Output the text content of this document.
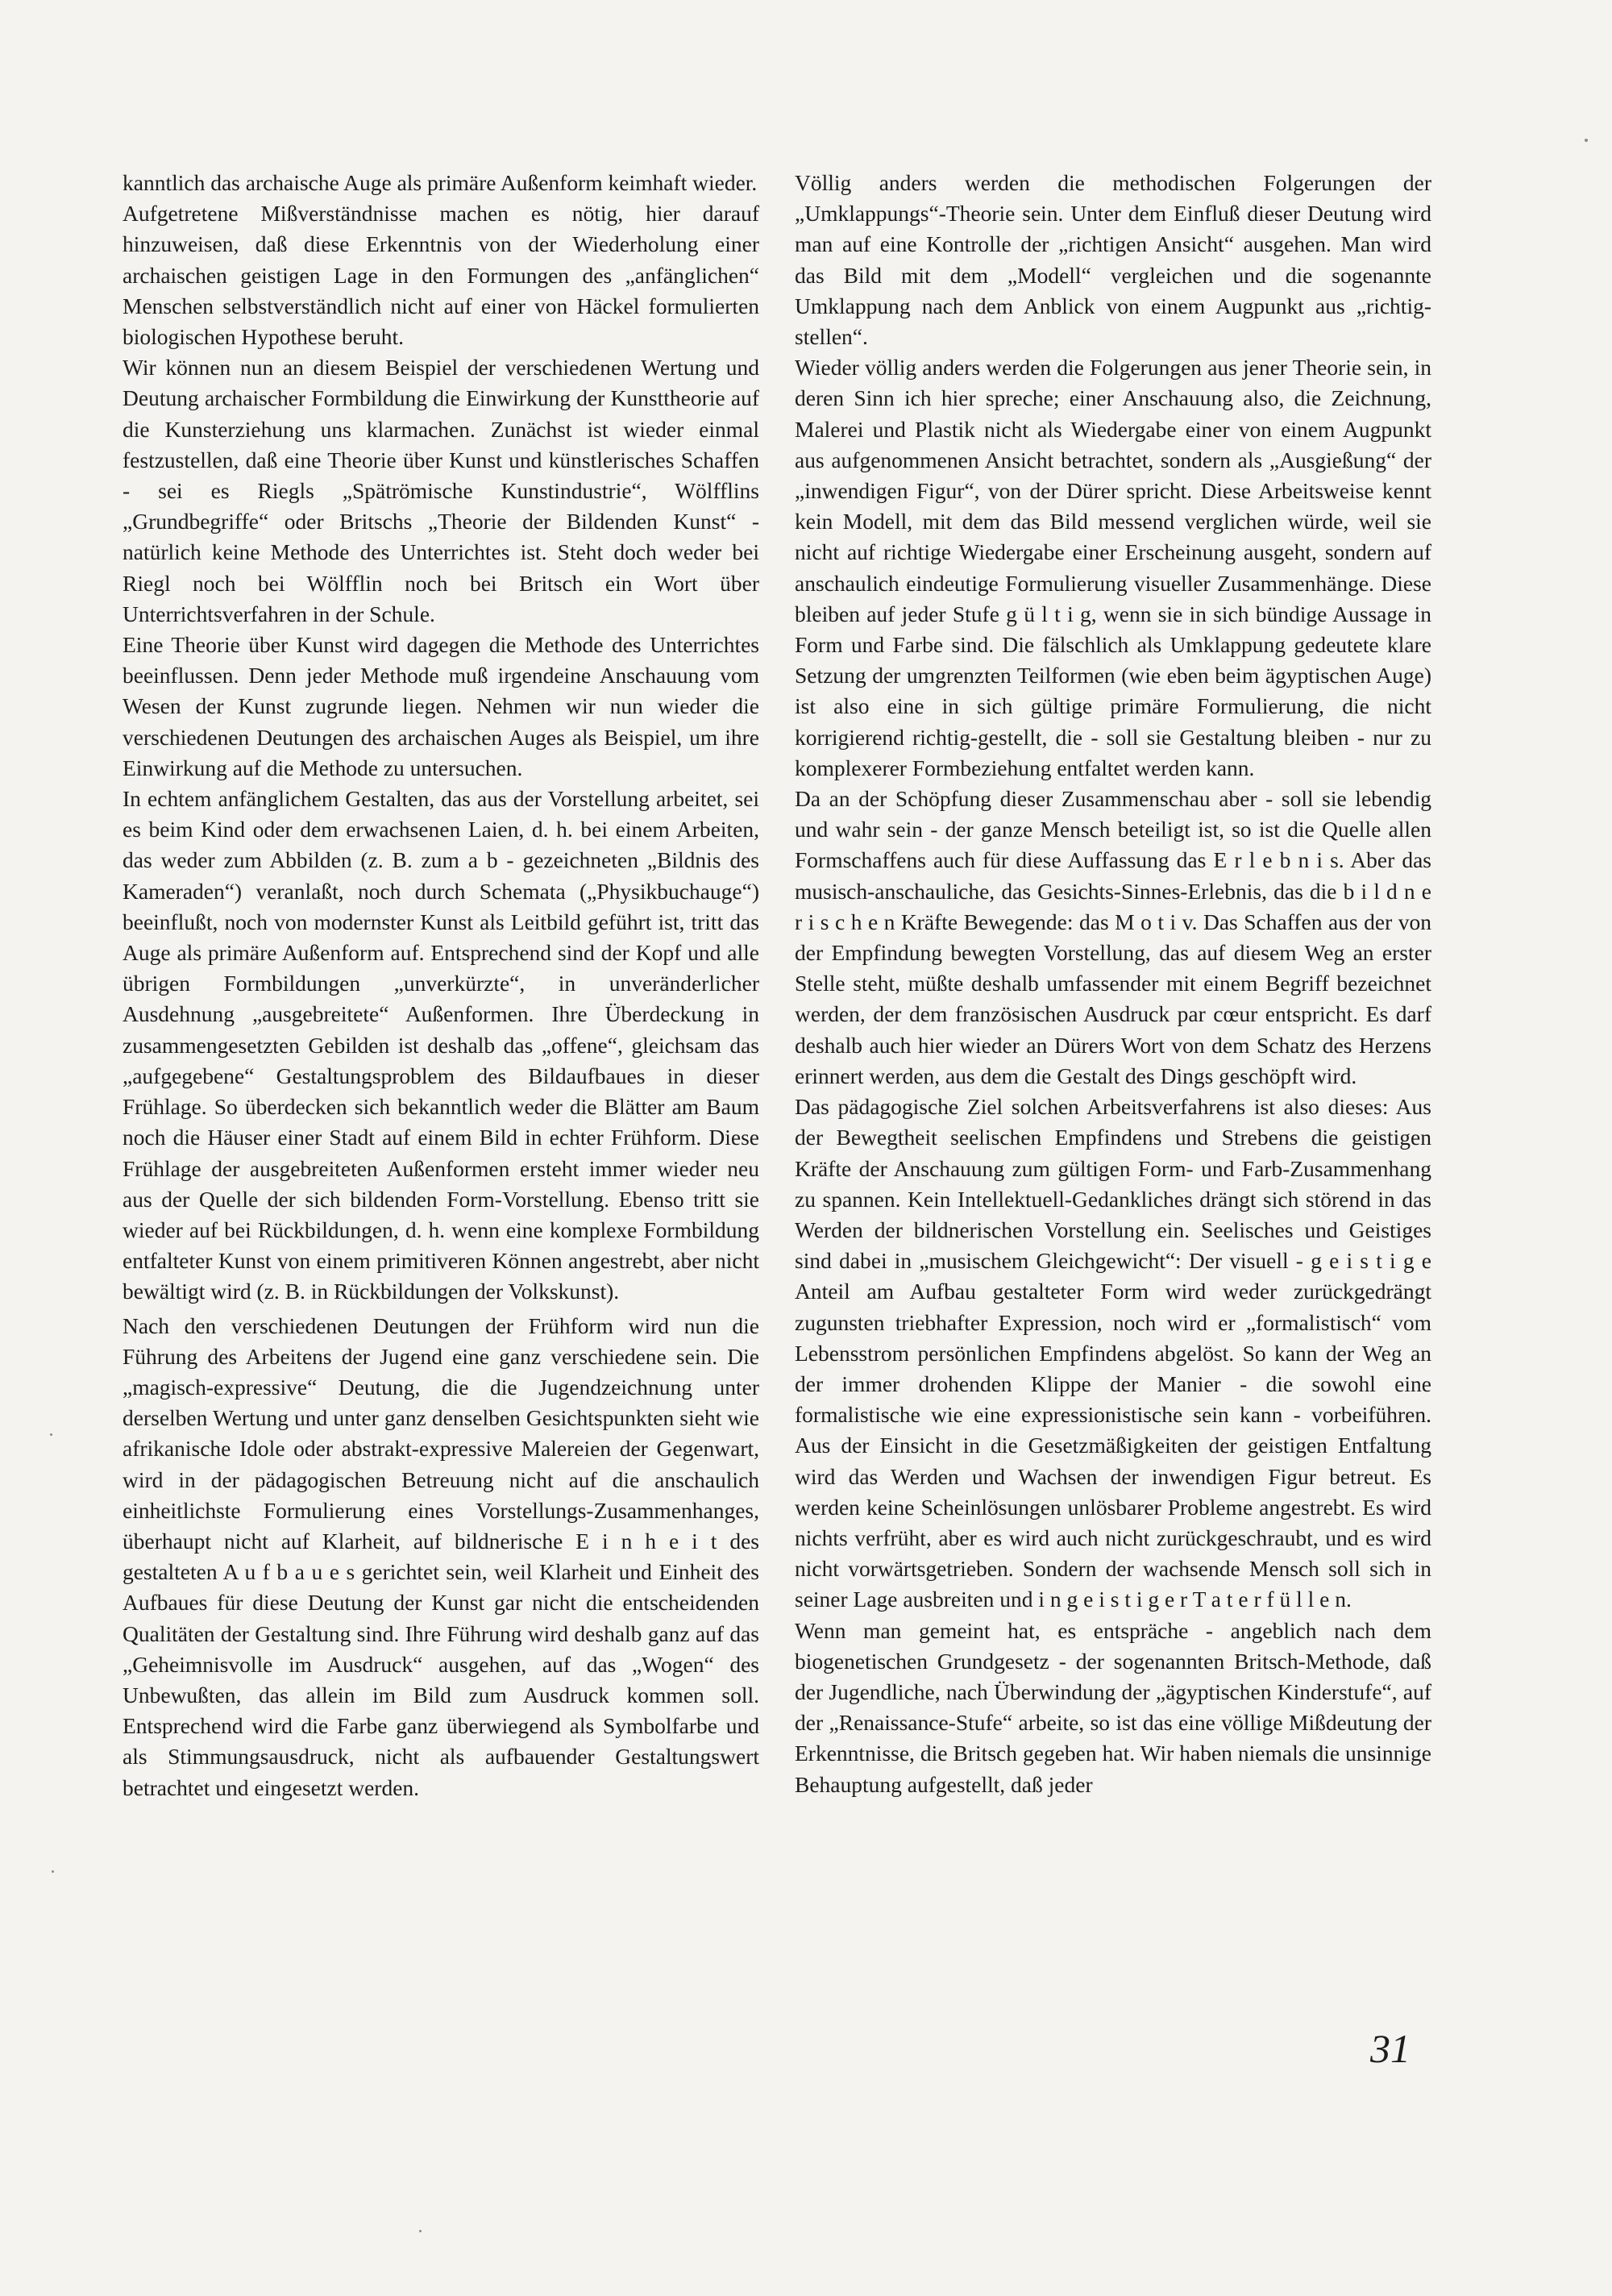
kanntlich das archaische Auge als primäre Außenform keimhaft wieder.

Aufgetretene Mißverständnisse machen es nötig, hier darauf hinzuweisen, daß diese Erkenntnis von der Wiederholung einer archaischen geistigen Lage in den Formungen des „anfänglichen“ Menschen selbstverständlich nicht auf einer von Häckel formulierten biologischen Hypothese beruht.

Wir können nun an diesem Beispiel der verschiedenen Wertung und Deutung archaischer Formbildung die Einwirkung der Kunsttheorie auf die Kunsterziehung uns klarmachen. Zunächst ist wieder einmal festzustellen, daß eine Theorie über Kunst und künstlerisches Schaffen - sei es Riegls „Spätrömische Kunstindustrie“, Wölfflins „Grundbegriffe“ oder Britschs „Theorie der Bildenden Kunst“ - natürlich keine Methode des Unterrichtes ist. Steht doch weder bei Riegl noch bei Wölfflin noch bei Britsch ein Wort über Unterrichtsverfahren in der Schule.

Eine Theorie über Kunst wird dagegen die Methode des Unterrichtes beeinflussen. Denn jeder Methode muß irgendeine Anschauung vom Wesen der Kunst zugrunde liegen. Nehmen wir nun wieder die verschiedenen Deutungen des archaischen Auges als Beispiel, um ihre Einwirkung auf die Methode zu untersuchen.

In echtem anfänglichem Gestalten, das aus der Vorstellung arbeitet, sei es beim Kind oder dem erwachsenen Laien, d. h. bei einem Arbeiten, das weder zum Abbilden (z. B. zum a b - gezeichneten „Bildnis des Kameraden“) veranlaßt, noch durch Schemata („Physikbuchauge“) beeinflußt, noch von modernster Kunst als Leitbild geführt ist, tritt das Auge als primäre Außenform auf. Entsprechend sind der Kopf und alle übrigen Formbildungen „unverkürzte“, in unveränderlicher Ausdehnung „ausgebreitete“ Außenformen. Ihre Überdeckung in zusammengesetzten Gebilden ist deshalb das „offene“, gleichsam das „aufgegebene“ Gestaltungsproblem des Bildaufbaues in dieser Frühlage. So überdecken sich bekanntlich weder die Blätter am Baum noch die Häuser einer Stadt auf einem Bild in echter Frühform. Diese Frühlage der ausgebreiteten Außenformen ersteht immer wieder neu aus der Quelle der sich bildenden Form-Vorstellung. Ebenso tritt sie wieder auf bei Rückbildungen, d. h. wenn eine komplexe Formbildung entfalteter Kunst von einem primitiveren Können angestrebt, aber nicht bewältigt wird (z. B. in Rückbildungen der Volkskunst).

Nach den verschiedenen Deutungen der Frühform wird nun die Führung des Arbeitens der Jugend eine ganz verschiedene sein. Die „magisch-expressive“ Deutung, die die Jugendzeichnung unter derselben Wertung und unter ganz denselben Gesichtspunkten sieht wie afrikanische Idole oder abstrakt-expressive Malereien der Gegenwart, wird in der pädagogischen Betreuung nicht auf die anschaulich einheitlichste Formulierung eines Vorstellungs-Zusammenhanges, überhaupt nicht auf Klarheit, auf bildnerische E i n h e i t des gestalteten A u f b a u e s gerichtet sein, weil Klarheit und Einheit des Aufbaues für diese Deutung der Kunst gar nicht die entscheidenden Qualitäten der Gestaltung sind. Ihre Führung wird deshalb ganz auf das „Geheimnisvolle im Ausdruck“ ausgehen, auf das „Wogen“ des Unbewußten, das allein im Bild zum Ausdruck kommen soll. Entsprechend wird die Farbe ganz überwiegend als Symbolfarbe und als Stimmungsausdruck, nicht als aufbauender Gestaltungswert betrachtet und eingesetzt werden.

Völlig anders werden die methodischen Folgerungen der „Umklappungs“-Theorie sein. Unter dem Einfluß dieser Deutung wird man auf eine Kontrolle der „richtigen Ansicht“ ausgehen. Man wird das Bild mit dem „Modell“ vergleichen und die sogenannte Umklappung nach dem Anblick von einem Augpunkt aus „richtig-stellen“.

Wieder völlig anders werden die Folgerungen aus jener Theorie sein, in deren Sinn ich hier spreche; einer Anschauung also, die Zeichnung, Malerei und Plastik nicht als Wiedergabe einer von einem Augpunkt aus aufgenommenen Ansicht betrachtet, sondern als „Ausgießung“ der „inwendigen Figur“, von der Dürer spricht. Diese Arbeitsweise kennt kein Modell, mit dem das Bild messend verglichen würde, weil sie nicht auf richtige Wiedergabe einer Erscheinung ausgeht, sondern auf anschaulich eindeutige Formulierung visueller Zusammenhänge. Diese bleiben auf jeder Stufe g ü l t i g, wenn sie in sich bündige Aussage in Form und Farbe sind. Die fälschlich als Umklappung gedeutete klare Setzung der umgrenzten Teilformen (wie eben beim ägyptischen Auge) ist also eine in sich gültige primäre Formulierung, die nicht korrigierend richtig-gestellt, die - soll sie Gestaltung bleiben - nur zu komplexerer Formbeziehung entfaltet werden kann.

Da an der Schöpfung dieser Zusammenschau aber - soll sie lebendig und wahr sein - der ganze Mensch beteiligt ist, so ist die Quelle allen Formschaffens auch für diese Auffassung das E r l e b n i s. Aber das musisch-anschauliche, das Gesichts-Sinnes-Erlebnis, das die b i l d n e r i s c h e n Kräfte Bewegende: das M o t i v. Das Schaffen aus der von der Empfindung bewegten Vorstellung, das auf diesem Weg an erster Stelle steht, müßte deshalb umfassender mit einem Begriff bezeichnet werden, der dem französischen Ausdruck par cœur entspricht. Es darf deshalb auch hier wieder an Dürers Wort von dem Schatz des Herzens erinnert werden, aus dem die Gestalt des Dings geschöpft wird.

Das pädagogische Ziel solchen Arbeitsverfahrens ist also dieses: Aus der Bewegtheit seelischen Empfindens und Strebens die geistigen Kräfte der Anschauung zum gültigen Form- und Farb-Zusammenhang zu spannen. Kein Intellektuell-Gedankliches drängt sich störend in das Werden der bildnerischen Vorstellung ein. Seelisches und Geistiges sind dabei in „musischem Gleichgewicht“: Der visuell - g e i s t i g e Anteil am Aufbau gestalteter Form wird weder zurückgedrängt zugunsten triebhafter Expression, noch wird er „formalistisch“ vom Lebensstrom persönlichen Empfindens abgelöst. So kann der Weg an der immer drohenden Klippe der Manier - die sowohl eine formalistische wie eine expressionistische sein kann - vorbeiführen. Aus der Einsicht in die Gesetzmäßigkeiten der geistigen Entfaltung wird das Werden und Wachsen der inwendigen Figur betreut. Es werden keine Scheinlösungen unlösbarer Probleme angestrebt. Es wird nichts verfrüht, aber es wird auch nicht zurückgeschraubt, und es wird nicht vorwärtsgetrieben. Sondern der wachsende Mensch soll sich in seiner Lage ausbreiten und i n g e i s t i g e r T a t e r f ü l l e n.

Wenn man gemeint hat, es entspräche - angeblich nach dem biogenetischen Grundgesetz - der sogenannten Britsch-Methode, daß der Jugendliche, nach Überwindung der „ägyptischen Kinderstufe“, auf der „Renaissance-Stufe“ arbeite, so ist das eine völlige Mißdeutung der Erkenntnisse, die Britsch gegeben hat. Wir haben niemals die unsinnige Behauptung aufgestellt, daß jeder

31
